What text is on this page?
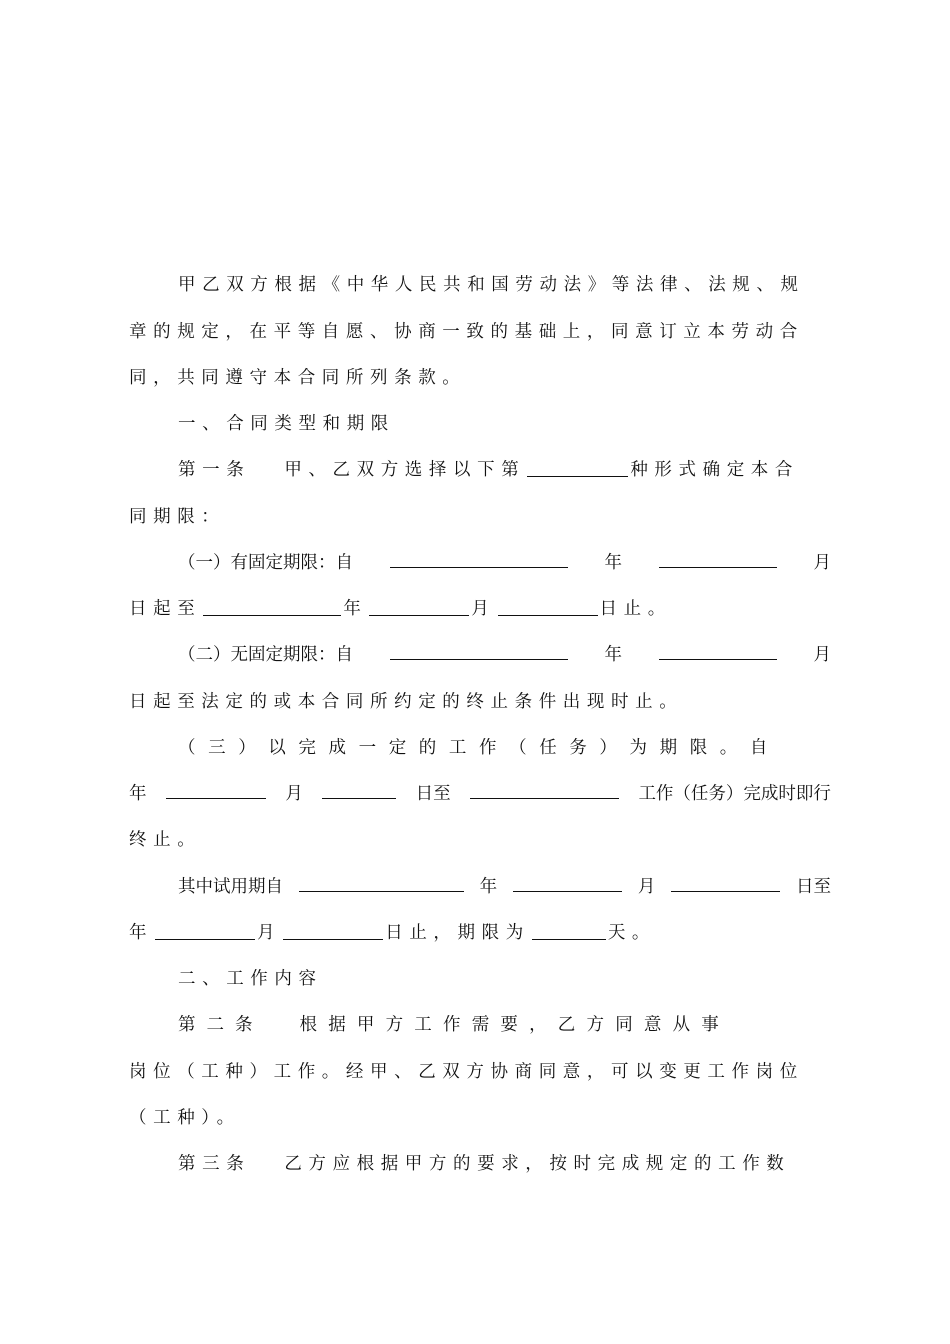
甲乙双方根据《中华人民共和国劳动法》等法律、法规、规
章的规定，在平等自愿、协商一致的基础上，同意订立本劳动合
同，共同遵守本合同所列条款。
一、合同类型和期限
第一条 甲、乙双方选择以下第	种形式确定本合
同期限：
（一）有固定期限：自	年	月
日起至	年	月	日止。
（二）无固定期限：自	年	月
日起至法定的或本合同所约定的终止条件出现时止。
（三）以完成一定的工作（任务）为期限。自
年	月	日至	工作（任务）完成时即行
终止。
其中试用期自	年	月	日至
年	月	日止，期限为	天。
二、工作内容
第二条 根据甲方工作需要，乙方同意从事
岗位（工种）工作。经甲、乙双方协商同意，可以变更工作岗位
（工种）。
第三条 乙方应根据甲方的要求，按时完成规定的工作数
